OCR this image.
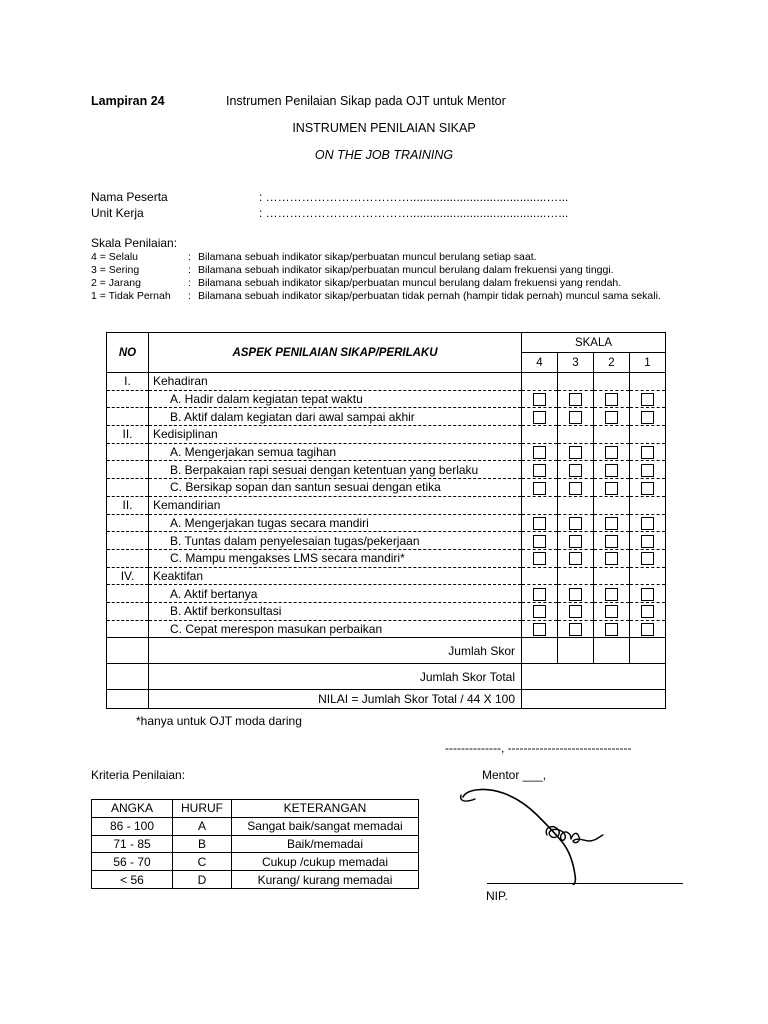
Lampiran 24	Instrumen Penilaian Sikap pada OJT untuk Mentor
INSTRUMEN PENILAIAN SIKAP
ON THE JOB TRAINING
Nama Peserta	: ……………………………….........................................…...
Unit Kerja	: ……………………………….........................................…...
Skala Penilaian:
4 = Selalu	: Bilamana sebuah indikator sikap/perbuatan muncul berulang setiap saat.
3 = Sering	: Bilamana sebuah indikator sikap/perbuatan muncul berulang dalam frekuensi yang tinggi.
2 = Jarang	: Bilamana sebuah indikator sikap/perbuatan muncul berulang dalam frekuensi yang rendah.
1 = Tidak Pernah : Bilamana sebuah indikator sikap/perbuatan tidak pernah (hampir tidak pernah) muncul sama sekali.
NO	ASPEK PENILAIAN SIKAP/PERILAKU	SKALA			
		4	3	2	1
I.	Kehadiran				
	A. Hadir dalam kegiatan tepat waktu				
	B. Aktif dalam kegiatan dari awal sampai akhir				
II.	Kedisiplinan				
	A. Mengerjakan semua tagihan				
	B. Berpakaian rapi sesuai dengan ketentuan yang berlaku				
	C. Bersikap sopan dan santun sesuai dengan etika				
II.	Kemandirian				
	A. Mengerjakan tugas secara mandiri				
	B. Tuntas dalam penyelesaian tugas/pekerjaan				
	C. Mampu mengakses LMS secara mandiri*				
IV.	Keaktifan				
	A. Aktif bertanya				
	B. Aktif berkonsultasi				
	C. Cepat merespon masukan perbaikan				
	Jumlah Skor				
	Jumlah Skor Total				
	NILAI = Jumlah Skor Total / 44 X 100				
*hanya untuk OJT moda daring
--------------, -------------------------------
Kriteria Penilaian:	Mentor ___,
ANGKA	HURUF	KETERANGAN
86 - 100	A	Sangat baik/sangat memadai
71 - 85	B	Baik/memadai
56 - 70	C	Cukup /cukup memadai
< 56	D	Kurang/ kurang memadai
NIP.
